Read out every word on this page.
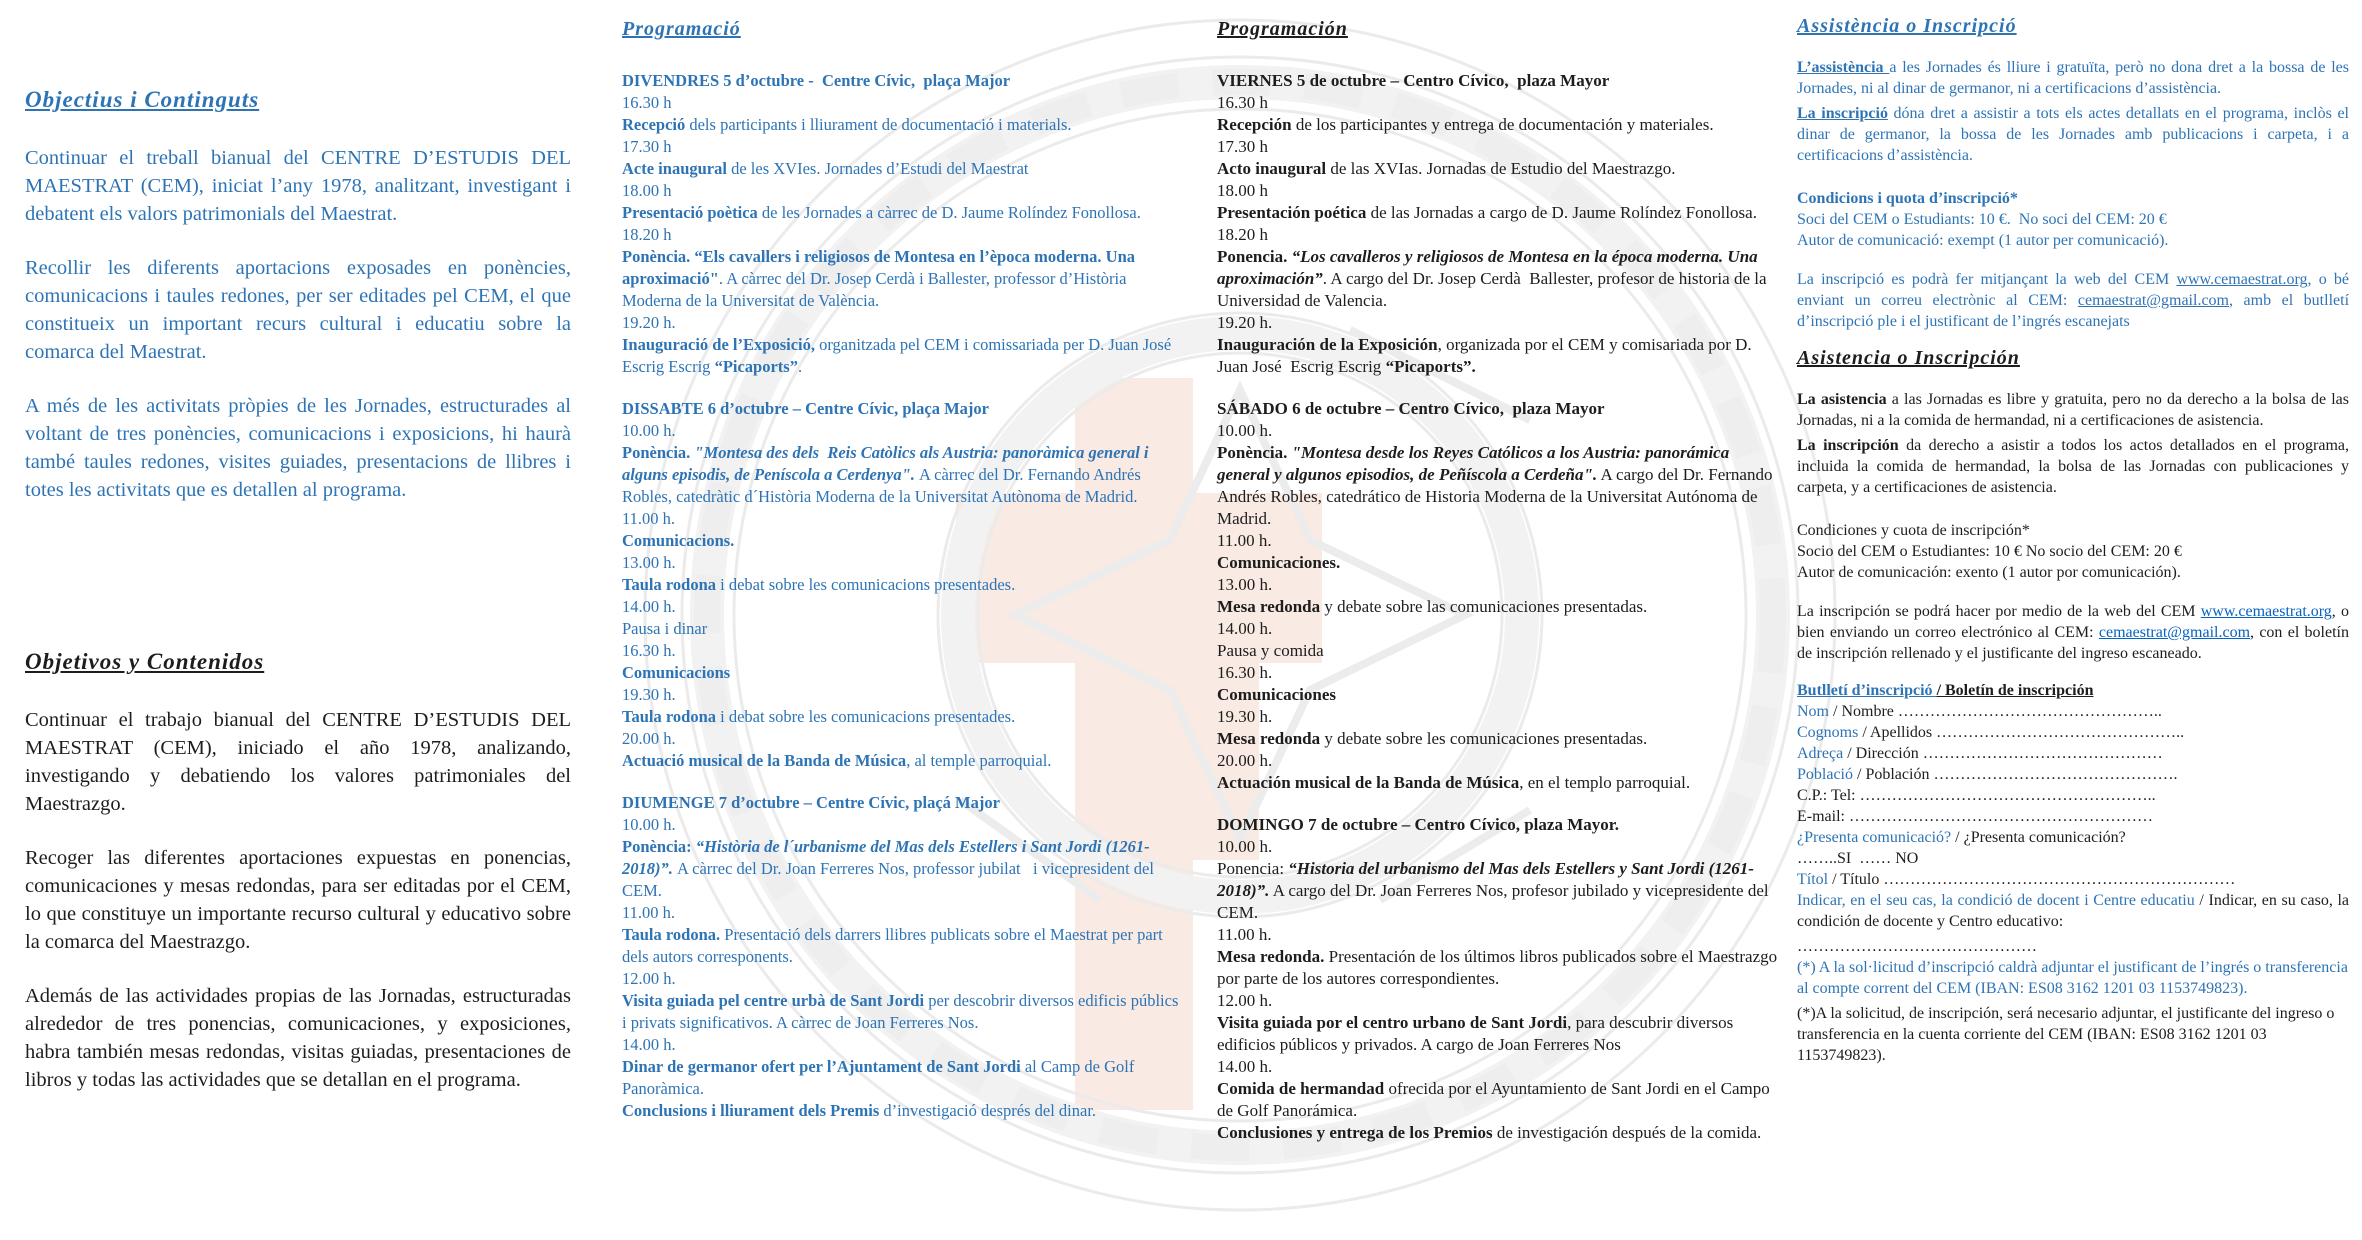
Objectius i Continguts
Continuar el treball bianual del CENTRE D’ESTUDIS DEL MAESTRAT (CEM), iniciat l’any 1978, analitzant, investigant i debatent els valors patrimonials del Maestrat.
Recollir les diferents aportacions exposades en ponències, comunicacions i taules redones, per ser editades pel CEM, el que constitueix un important recurs cultural i educatiu sobre la comarca del Maestrat.
A més de les activitats pròpies de les Jornades, estructurades al voltant de tres ponències, comunicacions i exposicions, hi haurà també taules redones, visites guiades, presentacions de llibres i totes les activitats que es detallen al programa.
Objetivos y Contenidos
Continuar el trabajo bianual del CENTRE D’ESTUDIS DEL MAESTRAT (CEM), iniciado el año 1978, analizando, investigando y debatiendo los valores patrimoniales del Maestrazgo.
Recoger las diferentes aportaciones expuestas en ponencias, comunicaciones y mesas redondas, para ser editadas por el CEM, lo que constituye un importante recurso cultural y educativo sobre la comarca del Maestrazgo.
Además de las actividades propias de las Jornadas, estructuradas alrededor de tres ponencias, comunicaciones, y exposiciones, habra también mesas redondas, visitas guiadas, presentaciones de libros y todas las actividades que se detallan en el programa.
Programació
DIVENDRES 5 d’octubre -  Centre Cívic,  plaça Major
16.30 h
Recepció dels participants i lliurament de documentació i materials.
17.30 h
Acte inaugural de les XVIes. Jornades d’Estudi del Maestrat
18.00 h
Presentació poètica de les Jornades a càrrec de D. Jaume Rolíndez Fonollosa.
18.20 h
Ponència. “Els cavallers i religiosos de Montesa en l’època moderna. Una aproximació". A càrrec del Dr. Josep Cerdà i Ballester, professor d’Història Moderna de la Universitat de València.
19.20 h.
Inauguració de l’Exposició, organitzada pel CEM i comissariada per D. Juan José  Escrig Escrig “Picaports”.
DISSABTE 6 d’octubre – Centre Cívic, plaça Major
10.00 h.
Ponència. "Montesa des dels  Reis Catòlics als Austria: panoràmica general i alguns episodis, de Peníscola a Cerdenya". A càrrec del Dr. Fernando Andrés Robles, catedràtic d´Història Moderna de la Universitat Autònoma de Madrid.
11.00 h.
Comunicacions.
13.00 h.
Taula rodona i debat sobre les comunicacions presentades.
14.00 h.
Pausa i dinar
16.30 h.
Comunicacions
19.30 h.
Taula rodona i debat sobre les comunicacions presentades.
20.00 h.
Actuació musical de la Banda de Música, al temple parroquial.
DIUMENGE 7 d’octubre – Centre Cívic, plaçá Major
10.00 h.
Ponència: “Història de l´urbanisme del Mas dels Estellers i Sant Jordi (1261-2018)”. A càrrec del Dr. Joan Ferreres Nos, professor jubilat   i vicepresident del CEM.
11.00 h.
Taula rodona. Presentació dels darrers llibres publicats sobre el Maestrat per part dels autors corresponents.
12.00 h.
Visita guiada pel centre urbà de Sant Jordi per descobrir diversos edificis públics i privats significativos. A càrrec de Joan Ferreres Nos.
14.00 h.
Dinar de germanor ofert per l’Ajuntament de Sant Jordi al Camp de Golf Panoràmica.
Conclusions i lliurament dels Premis d’investigació després del dinar.
Programación
VIERNES 5 de octubre – Centro Cívico,  plaza Mayor
16.30 h
Recepción de los participantes y entrega de documentación y materiales.
17.30 h
Acto inaugural de las XVIas. Jornadas de Estudio del Maestrazgo.
18.00 h
Presentación poética de las Jornadas a cargo de D. Jaume Rolíndez Fonollosa.
18.20 h
Ponencia. “Los cavalleros y religiosos de Montesa en la época moderna. Una aproximación”. A cargo del Dr. Josep Cerdà  Ballester, profesor de historia de la Universidad de Valencia.
19.20 h.
Inauguración de la Exposición, organizada por el CEM y comisariada por D. Juan José  Escrig Escrig “Picaports”.
SÁBADO 6 de octubre – Centro Cívico,  plaza Mayor
10.00 h.
Ponència. "Montesa desde los Reyes Católicos a los Austria: panorámica general y algunos episodios, de Peñíscola a Cerdeña". A cargo del Dr. Fernando Andrés Robles, catedrático de Historia Moderna de la Universitat Autónoma de Madrid.
11.00 h.
Comunicaciones.
13.00 h.
Mesa redonda y debate sobre las comunicaciones presentadas.
14.00 h.
Pausa y comida
16.30 h.
Comunicaciones
19.30 h.
Mesa redonda y debate sobre les comunicaciones presentadas.
20.00 h.
Actuación musical de la Banda de Música, en el templo parroquial.
DOMINGO 7 de octubre – Centro Cívico, plaza Mayor.
10.00 h.
Ponencia: “Historia del urbanismo del Mas dels Estellers y Sant Jordi (1261-2018)”. A cargo del Dr. Joan Ferreres Nos, profesor jubilado y vicepresidente del CEM.
11.00 h.
Mesa redonda. Presentación de los últimos libros publicados sobre el Maestrazgo por parte de los autores correspondientes.
12.00 h.
Visita guiada por el centro urbano de Sant Jordi, para descubrir diversos edificios públicos y privados. A cargo de Joan Ferreres Nos
14.00 h.
Comida de hermandad ofrecida por el Ayuntamiento de Sant Jordi en el Campo de Golf Panorámica.
Conclusiones y entrega de los Premios de investigación después de la comida.
Assistència o Inscripció
L’assistència a les Jornades és lliure i gratuïta, però no dona dret a la bossa de les Jornades, ni al dinar de germanor, ni a certificacions d’assistència.
La inscripció dóna dret a assistir a tots els actes detallats en el programa, inclòs el dinar de germanor, la bossa de les Jornades amb publicacions i carpeta, i a certificacions d’assistència.
Condicions i quota d’inscripció*
Soci del CEM o Estudiants: 10 €.  No soci del CEM: 20 €
Autor de comunicació: exempt (1 autor per comunicació).
La inscripció es podrà fer mitjançant la web del CEM www.cemaestrat.org, o bé enviant un correu electrònic al CEM: cemaestrat@gmail.com, amb el butlletí d’inscripció ple i el justificant de l’ingrés escanejats
Asistencia o Inscripción
La asistencia a las Jornadas es libre y gratuita, pero no da derecho a la bolsa de las Jornadas, ni a la comida de hermandad, ni a certificaciones de asistencia.
La inscripción da derecho a asistir a todos los actos detallados en el programa, incluida la comida de hermandad, la bolsa de las Jornadas con publicaciones y carpeta, y a certificaciones de asistencia.
Condiciones y cuota de inscripción*
Socio del CEM o Estudiantes: 10 € No socio del CEM: 20 €
Autor de comunicación: exento (1 autor por comunicación).
La inscripción se podrá hacer por medio de la web del CEM www.cemaestrat.org, o bien enviando un correo electrónico al CEM: cemaestrat@gmail.com, con el boletín de inscripción rellenado y el justificante del ingreso escaneado.
Butlletí d’inscripció / Boletín de inscripción
Nom / Nombre …………………………………………..
Cognoms / Apellidos ………………………………………..
Adreça / Dirección ………………………………………
Població / Población ……………………………………….
C.P.: Tel: ………………………………………………..
E-mail: …………………………………………………
¿Presenta comunicació? / ¿Presenta comunicación?
……..SI  …… NO
Títol / Título …………………………………………………………
Indicar, en el seu cas, la condició de docent i Centre educatiu / Indicar, en su caso, la condición de docente y Centro educativo:
………………………………………
(*) A la sol·licitud d’inscripció caldrà adjuntar el justificant de l’ingrés o transferencia al compte corrent del CEM (IBAN: ES08 3162 1201 03 1153749823).
(*)A la solicitud, de inscripción, será necesario adjuntar, el justificante del ingreso o transferencia en la cuenta corriente del CEM (IBAN: ES08 3162 1201 03 1153749823).
